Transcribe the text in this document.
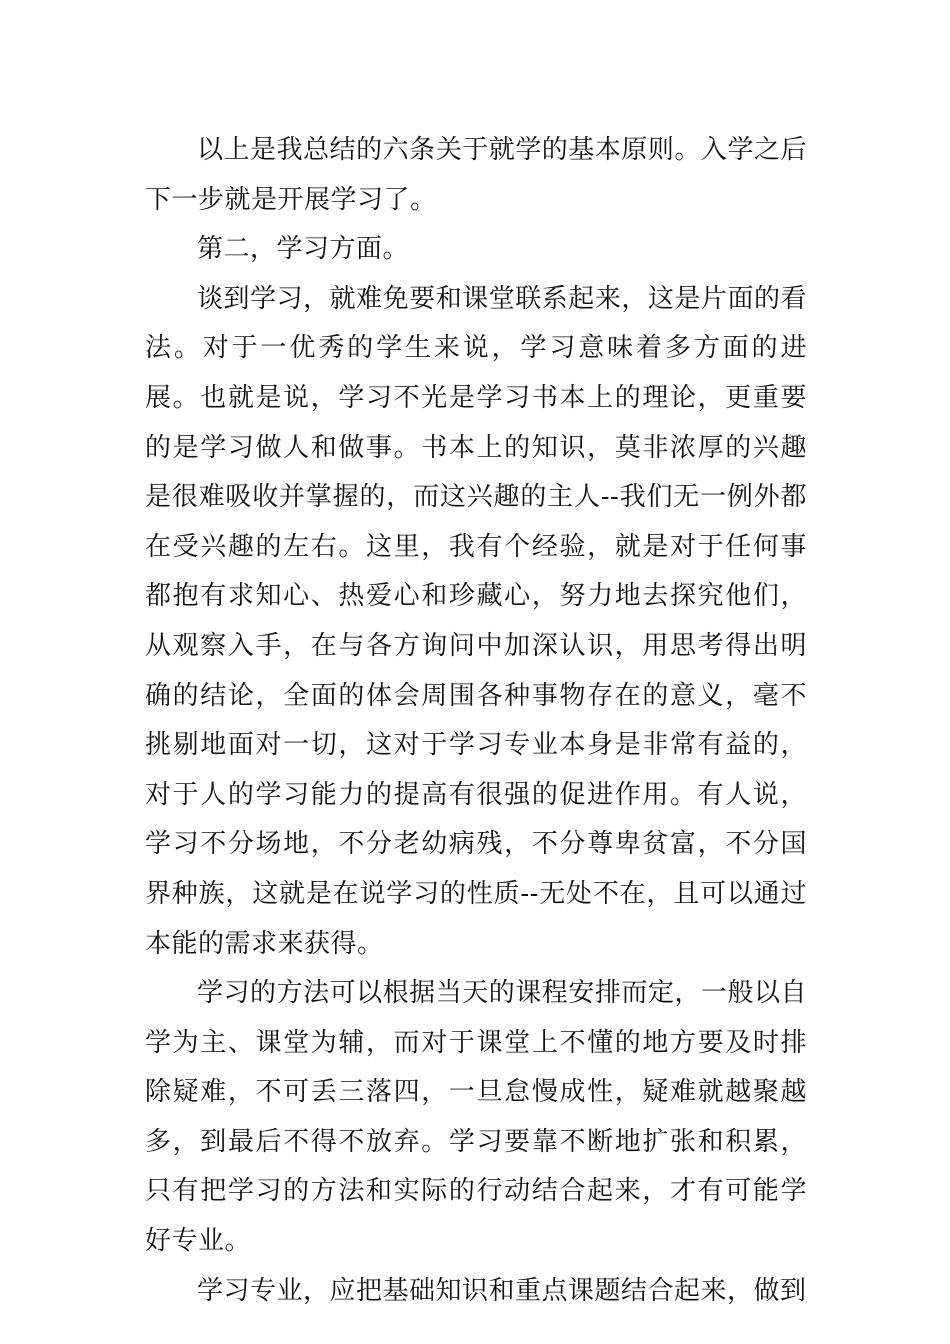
以上是我总结的六条关于就学的基本原则。入学之后下一步就是开展学习了。

第二，学习方面。

谈到学习，就难免要和课堂联系起来，这是片面的看法。对于一优秀的学生来说，学习意味着多方面的进展。也就是说，学习不光是学习书本上的理论，更重要的是学习做人和做事。书本上的知识，莫非浓厚的兴趣是很难吸收并掌握的，而这兴趣的主人--我们无一例外都在受兴趣的左右。这里，我有个经验，就是对于任何事都抱有求知心、热爱心和珍藏心，努力地去探究他们，从观察入手，在与各方询问中加深认识，用思考得出明确的结论，全面的体会周围各种事物存在的意义，毫不挑剔地面对一切，这对于学习专业本身是非常有益的，对于人的学习能力的提高有很强的促进作用。有人说，学习不分场地，不分老幼病残，不分尊卑贫富，不分国界种族，这就是在说学习的性质--无处不在，且可以通过本能的需求来获得。

学习的方法可以根据当天的课程安排而定，一般以自学为主、课堂为辅，而对于课堂上不懂的地方要及时排除疑难，不可丢三落四，一旦怠慢成性，疑难就越聚越多，到最后不得不放弃。学习要靠不断地扩张和积累，只有把学习的方法和实际的行动结合起来，才有可能学好专业。

学习专业，应把基础知识和重点课题结合起来，做到
